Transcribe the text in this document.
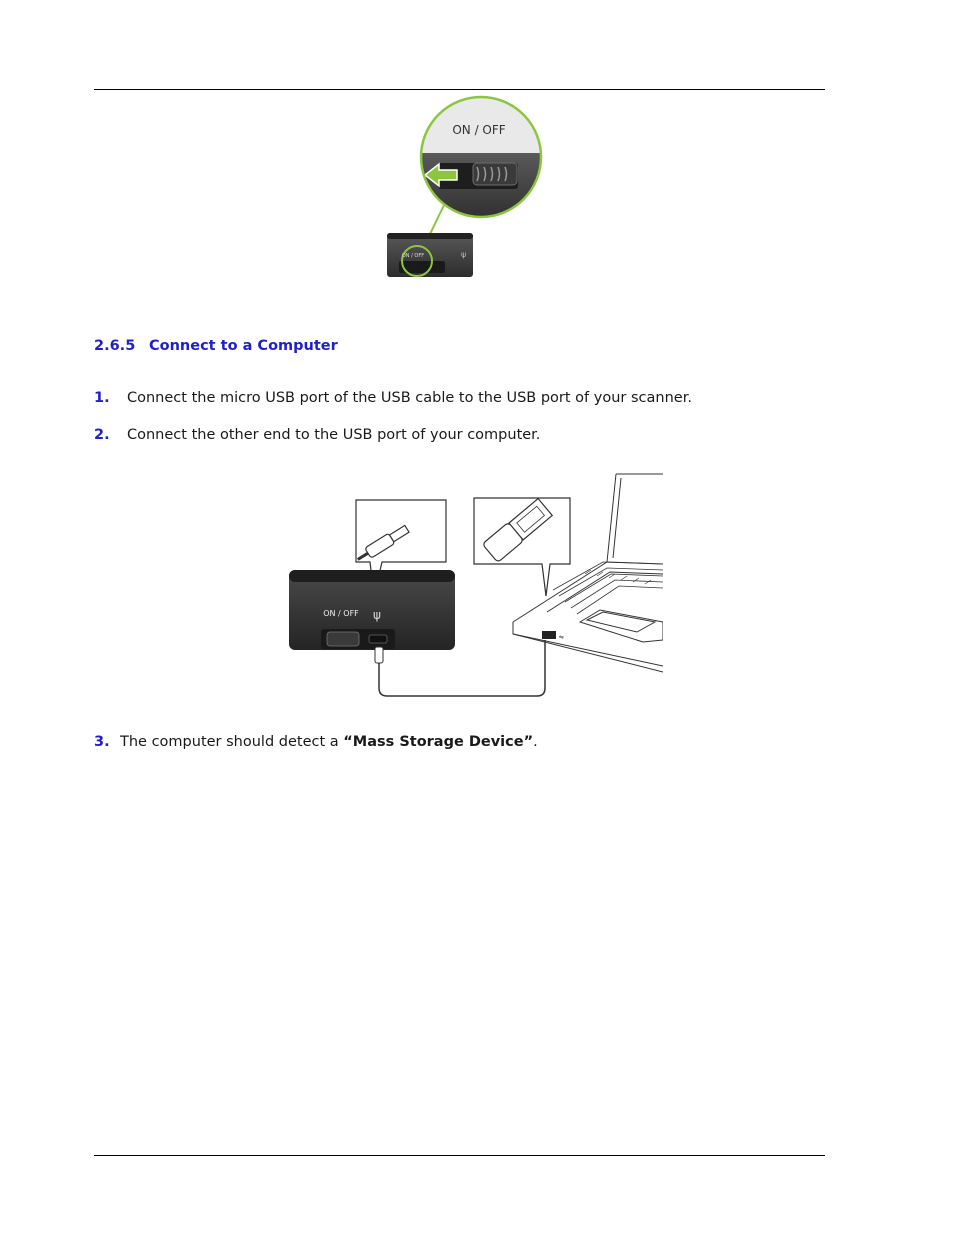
ON / OFF
ON / OFF	ψ
2.6.5 Connect to a Computer
1. Connect the micro USB port of the USB cable to the USB port of your scanner.
2. Connect the other end to the USB port of your computer.
⇋
ON / OFF ψ
3. The computer should detect a “Mass Storage Device”.
